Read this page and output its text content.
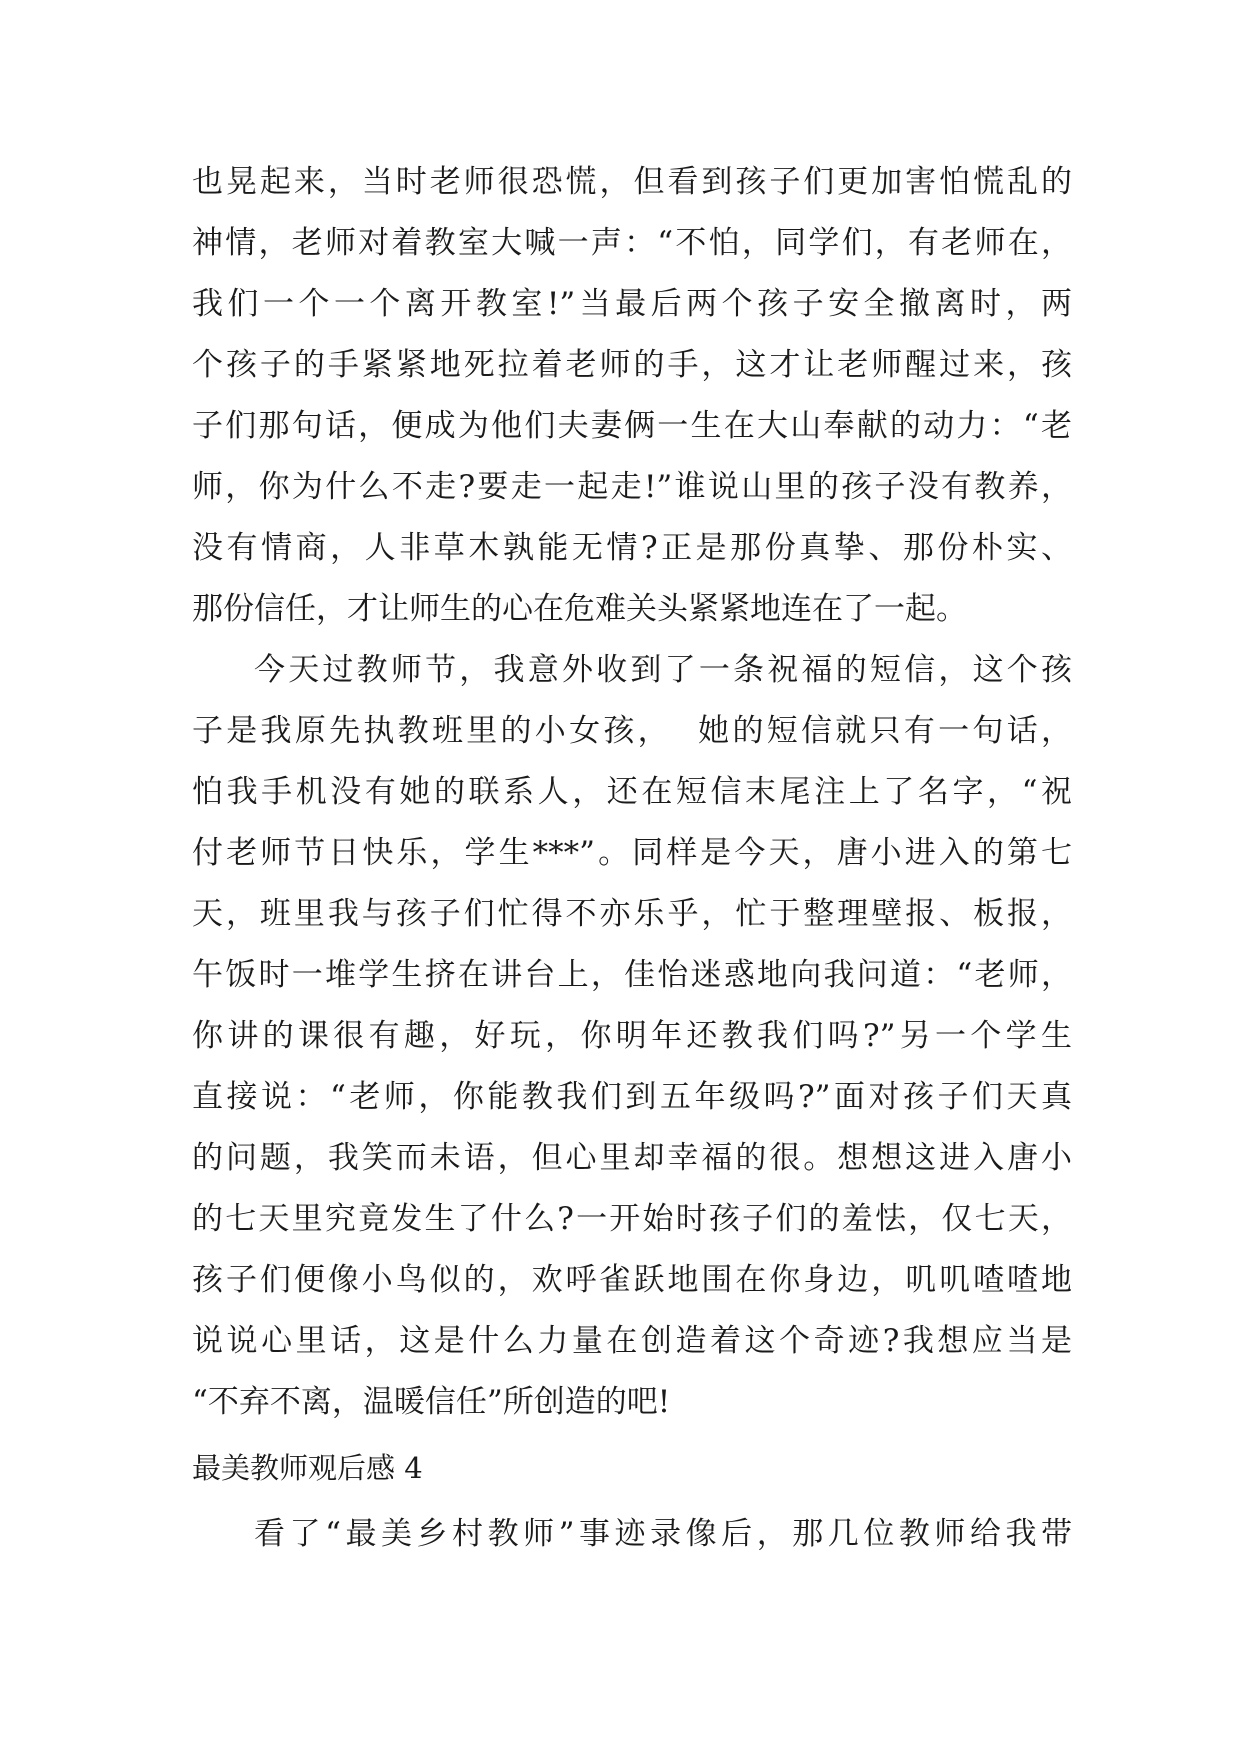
也晃起来，当时老师很恐慌，但看到孩子们更加害怕慌乱的
神情，老师对着教室大喊一声：“不怕，同学们，有老师在，
我们一个一个离开教室!”当最后两个孩子安全撤离时，两
个孩子的手紧紧地死拉着老师的手，这才让老师醒过来，孩
子们那句话，便成为他们夫妻俩一生在大山奉献的动力：“老
师，你为什么不走?要走一起走!”谁说山里的孩子没有教养，
没有情商，人非草木孰能无情?正是那份真挚、那份朴实、
那份信任，才让师生的心在危难关头紧紧地连在了一起。
今天过教师节，我意外收到了一条祝福的短信，这个孩
子是我原先执教班里的小女孩，  她的短信就只有一句话，
怕我手机没有她的联系人，还在短信末尾注上了名字，“祝
付老师节日快乐，学生***”。同样是今天，唐小进入的第七
天，班里我与孩子们忙得不亦乐乎，忙于整理壁报、板报，
午饭时一堆学生挤在讲台上，佳怡迷惑地向我问道：“老师，
你讲的课很有趣，好玩，你明年还教我们吗?”另一个学生
直接说：“老师，你能教我们到五年级吗?”面对孩子们天真
的问题，我笑而未语，但心里却幸福的很。想想这进入唐小
的七天里究竟发生了什么?一开始时孩子们的羞怯，仅七天，
孩子们便像小鸟似的，欢呼雀跃地围在你身边，叽叽喳喳地
说说心里话，这是什么力量在创造着这个奇迹?我想应当是
“不弃不离，温暖信任”所创造的吧!
最美教师观后感 4
看了“最美乡村教师”事迹录像后，那几位教师给我带
